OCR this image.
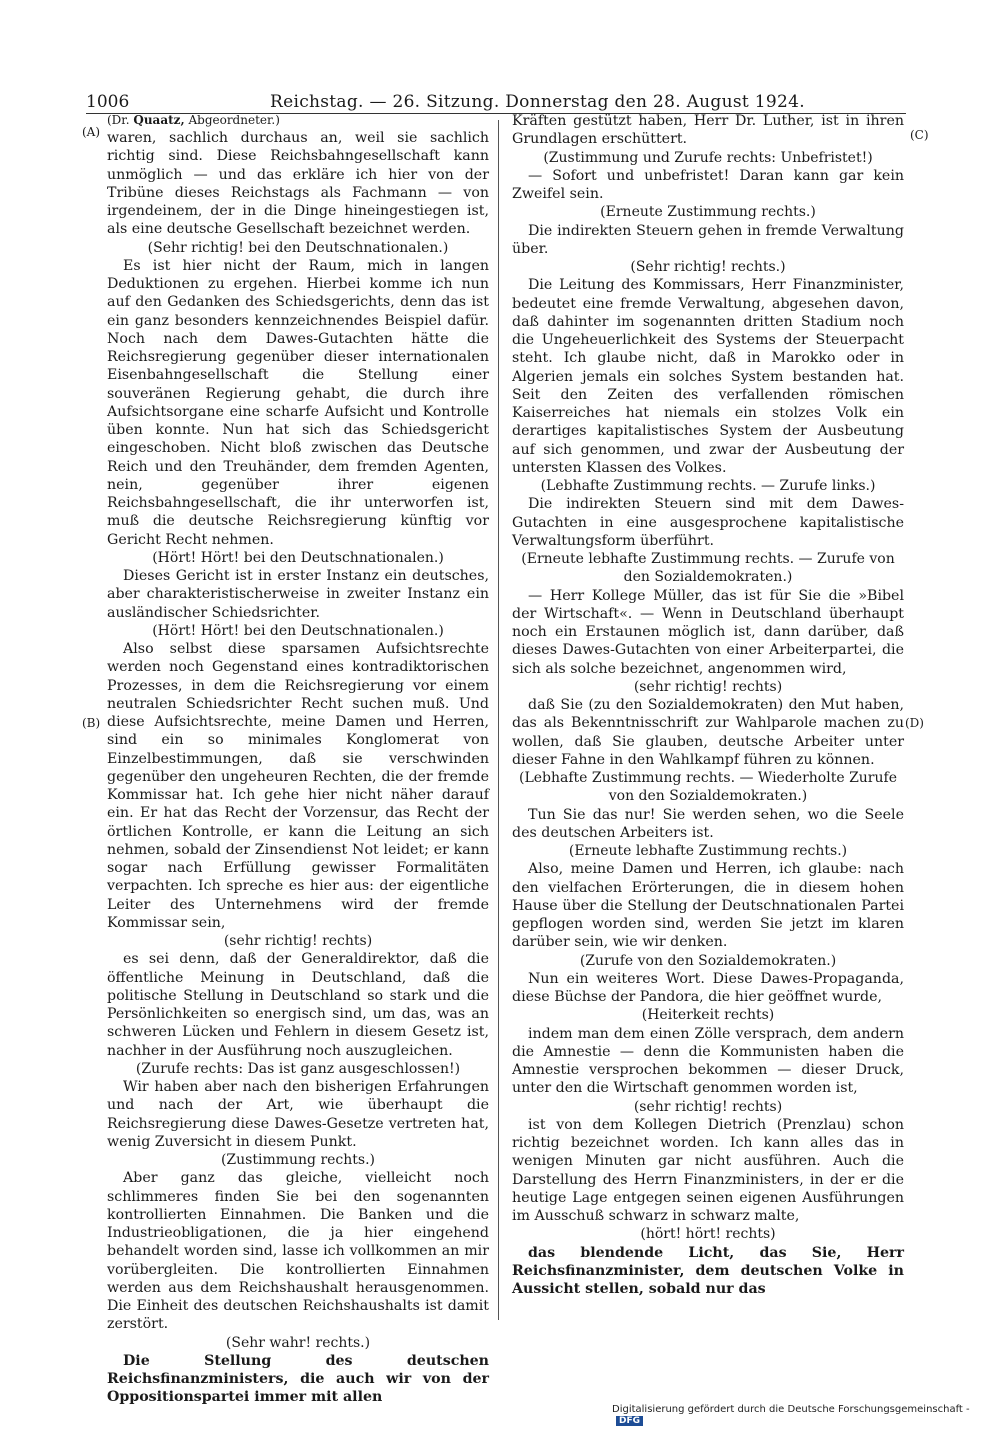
1006	Reichstag. — 26. Sitzung. Donnerstag den 28. August 1924.
(A)
(B)
(C)
(D)

(Dr. Quaatz, Abgeordneter.)

waren, sachlich durchaus an, weil sie sachlich richtig sind. Diese Reichsbahngesellschaft kann unmöglich — und das erkläre ich hier von der Tribüne dieses Reichstags als Fachmann — von irgendeinem, der in die Dinge hineingestiegen ist, als eine deutsche Gesellschaft bezeichnet werden.

(Sehr richtig! bei den Deutschnationalen.)

Es ist hier nicht der Raum, mich in langen Deduktionen zu ergehen. Hierbei komme ich nun auf den Gedanken des Schiedsgerichts, denn das ist ein ganz besonders kennzeichnendes Beispiel dafür. Noch nach dem Dawes-Gutachten hätte die Reichsregierung gegenüber dieser internationalen Eisenbahngesellschaft die Stellung einer souveränen Regierung gehabt, die durch ihre Aufsichtsorgane eine scharfe Aufsicht und Kontrolle üben konnte. Nun hat sich das Schiedsgericht eingeschoben. Nicht bloß zwischen das Deutsche Reich und den Treuhänder, dem fremden Agenten, nein, gegenüber ihrer eigenen Reichsbahngesellschaft, die ihr unterworfen ist, muß die deutsche Reichsregierung künftig vor Gericht Recht nehmen.

(Hört! Hört! bei den Deutschnationalen.)

Dieses Gericht ist in erster Instanz ein deutsches, aber charakteristischerweise in zweiter Instanz ein ausländischer Schiedsrichter.

(Hört! Hört! bei den Deutschnationalen.)

Also selbst diese sparsamen Aufsichtsrechte werden noch Gegenstand eines kontradiktorischen Prozesses, in dem die Reichsregierung vor einem neutralen Schiedsrichter Recht suchen muß. Und diese Aufsichtsrechte, meine Damen und Herren, sind ein so minimales Konglomerat von Einzelbestimmungen, daß sie verschwinden gegenüber den ungeheuren Rechten, die der fremde Kommissar hat. Ich gehe hier nicht näher darauf ein. Er hat das Recht der Vorzensur, das Recht der örtlichen Kontrolle, er kann die Leitung an sich nehmen, sobald der Zinsendienst Not leidet; er kann sogar nach Erfüllung gewisser Formalitäten verpachten. Ich spreche es hier aus: der eigentliche Leiter des Unternehmens wird der fremde Kommissar sein,

(sehr richtig! rechts)

es sei denn, daß der Generaldirektor, daß die öffentliche Meinung in Deutschland, daß die politische Stellung in Deutschland so stark und die Persönlichkeiten so energisch sind, um das, was an schweren Lücken und Fehlern in diesem Gesetz ist, nachher in der Ausführung noch auszugleichen.

(Zurufe rechts: Das ist ganz ausgeschlossen!)

Wir haben aber nach den bisherigen Erfahrungen und nach der Art, wie überhaupt die Reichsregierung diese Dawes-Gesetze vertreten hat, wenig Zuversicht in diesem Punkt.

(Zustimmung rechts.)

Aber ganz das gleiche, vielleicht noch schlimmeres finden Sie bei den sogenannten kontrollierten Einnahmen. Die Banken und die Industrieobligationen, die ja hier eingehend behandelt worden sind, lasse ich vollkommen an mir vorübergleiten. Die kontrollierten Einnahmen werden aus dem Reichshaushalt herausgenommen. Die Einheit des deutschen Reichshaushalts ist damit zerstört.

(Sehr wahr! rechts.)

Die Stellung des deutschen Reichsfinanzministers, die auch wir von der Oppositionspartei immer mit allen

Kräften gestützt haben, Herr Dr. Luther, ist in ihren Grundlagen erschüttert.

(Zustimmung und Zurufe rechts: Unbefristet!)

— Sofort und unbefristet! Daran kann gar kein Zweifel sein.

(Erneute Zustimmung rechts.)

Die indirekten Steuern gehen in fremde Verwaltung über.

(Sehr richtig! rechts.)

Die Leitung des Kommissars, Herr Finanzminister, bedeutet eine fremde Verwaltung, abgesehen davon, daß dahinter im sogenannten dritten Stadium noch die Ungeheuerlichkeit des Systems der Steuerpacht steht. Ich glaube nicht, daß in Marokko oder in Algerien jemals ein solches System bestanden hat. Seit den Zeiten des verfallenden römischen Kaiserreiches hat niemals ein stolzes Volk ein derartiges kapitalistisches System der Ausbeutung auf sich genommen, und zwar der Ausbeutung der untersten Klassen des Volkes.

(Lebhafte Zustimmung rechts. — Zurufe links.)

Die indirekten Steuern sind mit dem Dawes-Gutachten in eine ausgesprochene kapitalistische Verwaltungsform überführt.

(Erneute lebhafte Zustimmung rechts. — Zurufe von den Sozialdemokraten.)

— Herr Kollege Müller, das ist für Sie die »Bibel der Wirtschaft«. — Wenn in Deutschland überhaupt noch ein Erstaunen möglich ist, dann darüber, daß dieses Dawes-Gutachten von einer Arbeiterpartei, die sich als solche bezeichnet, angenommen wird,

(sehr richtig! rechts)

daß Sie (zu den Sozialdemokraten) den Mut haben, das als Bekenntnisschrift zur Wahlparole machen zu wollen, daß Sie glauben, deutsche Arbeiter unter dieser Fahne in den Wahlkampf führen zu können.

(Lebhafte Zustimmung rechts. — Wiederholte Zurufe von den Sozialdemokraten.)

Tun Sie das nur! Sie werden sehen, wo die Seele des deutschen Arbeiters ist.

(Erneute lebhafte Zustimmung rechts.)

Also, meine Damen und Herren, ich glaube: nach den vielfachen Erörterungen, die in diesem hohen Hause über die Stellung der Deutschnationalen Partei gepflogen worden sind, werden Sie jetzt im klaren darüber sein, wie wir denken.

(Zurufe von den Sozialdemokraten.)

Nun ein weiteres Wort. Diese Dawes-Propaganda, diese Büchse der Pandora, die hier geöffnet wurde,

(Heiterkeit rechts)

indem man dem einen Zölle versprach, dem andern die Amnestie — denn die Kommunisten haben die Amnestie versprochen bekommen — dieser Druck, unter den die Wirtschaft genommen worden ist,

(sehr richtig! rechts)

ist von dem Kollegen Dietrich (Prenzlau) schon richtig bezeichnet worden. Ich kann alles das in wenigen Minuten gar nicht ausführen. Auch die Darstellung des Herrn Finanzministers, in der er die heutige Lage entgegen seinen eigenen Ausführungen im Ausschuß schwarz in schwarz malte,

(hört! hört! rechts)

das blendende Licht, das Sie, Herr Reichsfinanzminister, dem deutschen Volke in Aussicht stellen, sobald nur das

Digitalisierung gefördert durch die Deutsche Forschungsgemeinschaft -DFG
